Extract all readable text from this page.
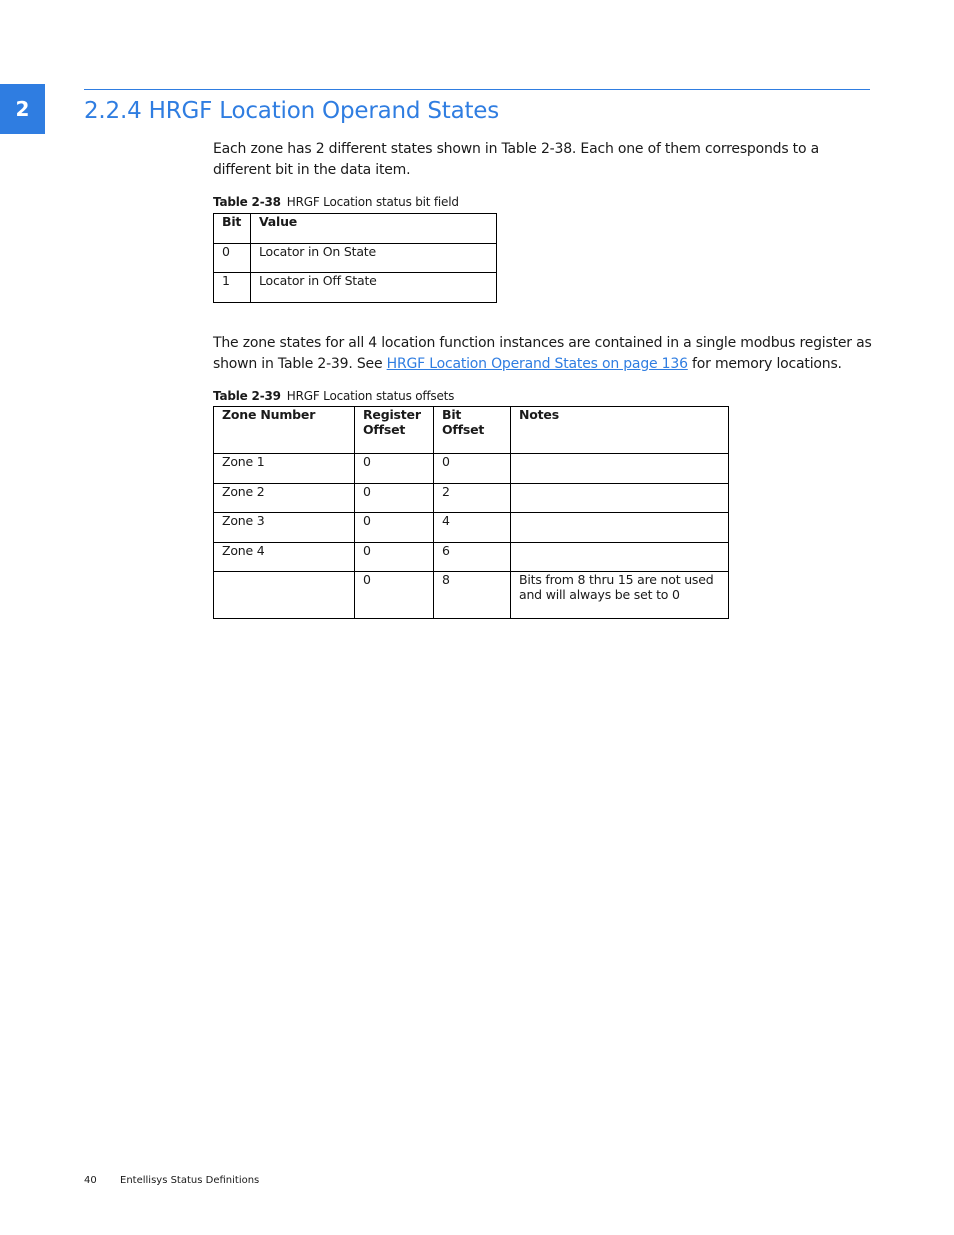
2	2.2.4 HRGF Location Operand States

Each zone has 2 different states shown in Table 2-38. Each one of them corresponds to a different bit in the data item.

Table 2-38 HRGF Location status bit field
Bit	Value
0	Locator in On State
1	Locator in Off State

The zone states for all 4 location function instances are contained in a single modbus register as shown in Table 2-39. See HRGF Location Operand States on page 136 for memory locations.

Table 2-39 HRGF Location status offsets
Zone Number	Register Offset	Bit Offset	Notes
Zone 1	0	0	
Zone 2	0	2	
Zone 3	0	4	
Zone 4	0	6	
	0	8	Bits from 8 thru 15 are not used and will always be set to 0
40 Entellisys Status Definitions
